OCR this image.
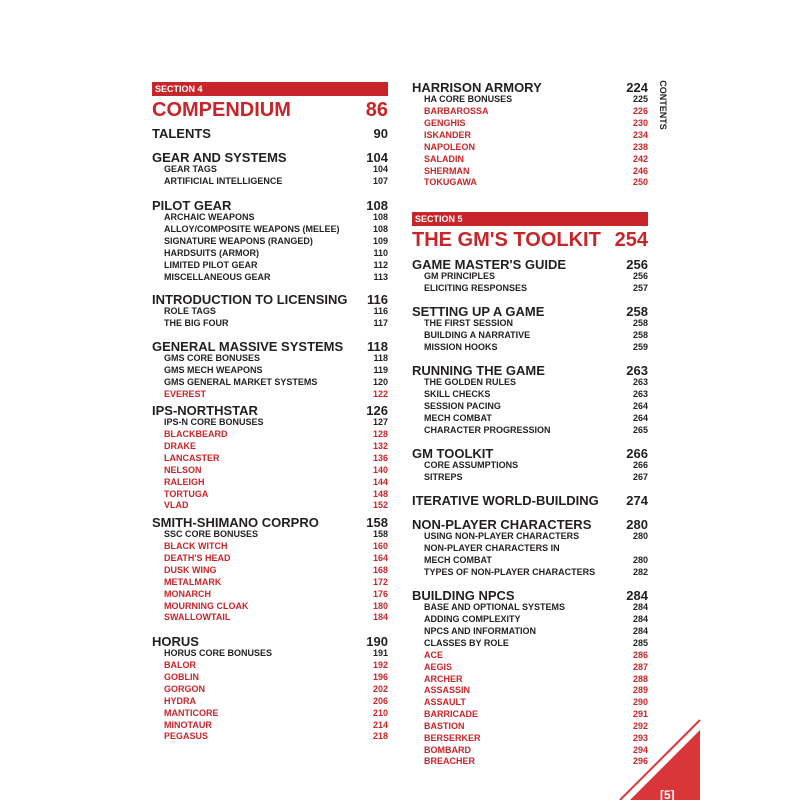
SECTION 4
COMPENDIUM	86
TALENTS	90
GEAR AND SYSTEMS	104
GEAR TAGS	104
ARTIFICIAL INTELLIGENCE	107
PILOT GEAR	108
ARCHAIC WEAPONS	108
ALLOY/COMPOSITE WEAPONS (MELEE)	108
SIGNATURE WEAPONS (RANGED)	109
HARDSUITS (ARMOR)	110
LIMITED PILOT GEAR	112
MISCELLANEOUS GEAR	113
INTRODUCTION TO LICENSING 116
ROLE TAGS	116
THE BIG FOUR	117
GENERAL MASSIVE SYSTEMS 118
GMS CORE BONUSES	118
GMS MECH WEAPONS	119
GMS GENERAL MARKET SYSTEMS	120
EVEREST	122
IPS-NORTHSTAR	126
IPS-N CORE BONUSES	127
BLACKBEARD	128
DRAKE	132
LANCASTER	136
NELSON	140
RALEIGH	144
TORTUGA	148
VLAD	152
SMITH-SHIMANO CORPRO	158
SSC CORE BONUSES	158
BLACK WITCH	160
DEATH'S HEAD	164
DUSK WING	168
METALMARK	172
MONARCH	176
MOURNING CLOAK	180
SWALLOWTAIL	184
HORUS	190
HORUS CORE BONUSES	191
BALOR	192
GOBLIN	196
GORGON	202
HYDRA	206
MANTICORE	210
MINOTAUR	214
PEGASUS	218
SECTION 5
THE GM'S TOOLKIT 254
HARRISON ARMORY	224
HA CORE BONUSES	225
BARBAROSSA	226
GENGHIS	230
ISKANDER	234
NAPOLEON	238
SALADIN	242
SHERMAN	246
TOKUGAWA	250
GAME MASTER'S GUIDE	256
GM PRINCIPLES	256
ELICITING RESPONSES	257
SETTING UP A GAME	258
THE FIRST SESSION	258
BUILDING A NARRATIVE	258
MISSION HOOKS	259
RUNNING THE GAME	263
THE GOLDEN RULES	263
SKILL CHECKS	263
SESSION PACING	264
MECH COMBAT	264
CHARACTER PROGRESSION	265
GM TOOLKIT	266
CORE ASSUMPTIONS	266
SITREPS	267
ITERATIVE WORLD-BUILDING 274
NON-PLAYER CHARACTERS	280
USING NON-PLAYER CHARACTERS	280
NON-PLAYER CHARACTERS IN
MECH COMBAT	280
TYPES OF NON-PLAYER CHARACTERS	282
BUILDING NPCS	284
BASE AND OPTIONAL SYSTEMS	284
ADDING COMPLEXITY	284
NPCS AND INFORMATION	284
CLASSES BY ROLE	285
ACE	286
AEGIS	287
ARCHER	288
ASSASSIN	289
ASSAULT	290
BARRICADE	291
BASTION	292
BERSERKER	293
BOMBARD	294
BREACHER	296
CONTENTS
[5]
